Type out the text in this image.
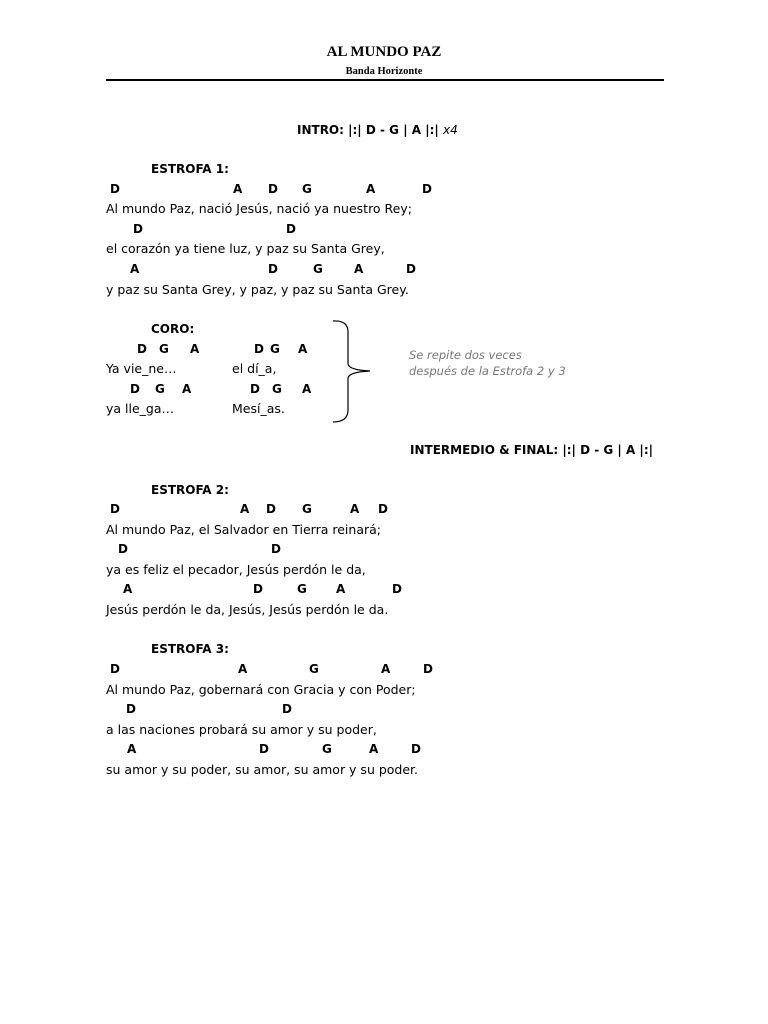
AL MUNDO PAZ
Banda Horizonte
INTRO: |:| D - G | A |:| x4
ESTROFA 1:
D	A D G	A	D
Al mundo Paz, nació Jesús, nació ya nuestro Rey;
D	D
el corazón ya tiene luz, y paz su Santa Grey,
A	D	G	A	D
y paz su Santa Grey, y paz, y paz su Santa Grey.
CORO:
D G A	D G A
Ya vie_ne…	el dí_a,
D G A	D G A
ya lle_ga…	Mesí_as.
Se repite dos veces
después de la Estrofa 2 y 3
INTERMEDIO & FINAL: |:| D - G | A |:|
ESTROFA 2:
D	A D G	A D
Al mundo Paz, el Salvador en Tierra reinará;
D	D
ya es feliz el pecador, Jesús perdón le da,
A	D	G A	D
Jesús perdón le da, Jesús, Jesús perdón le da.
ESTROFA 3:
D	A	G	A	D
Al mundo Paz, gobernará con Gracia y con Poder;
D	D
a las naciones probará su amor y su poder,
A	D	G	A	D
su amor y su poder, su amor, su amor y su poder.
